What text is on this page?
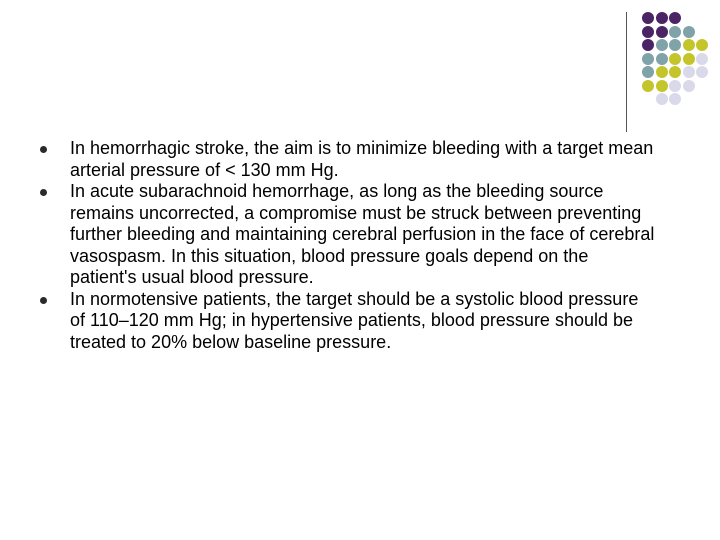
In hemorrhagic stroke, the aim is to minimize bleeding with a target mean arterial pressure of < 130 mm Hg.
In acute subarachnoid hemorrhage, as long as the bleeding source remains uncorrected, a compromise must be struck between preventing further bleeding and maintaining cerebral perfusion in the face of cerebral vasospasm. In this situation, blood pressure goals depend on the patient's usual blood pressure.
In normotensive patients, the target should be a systolic blood pressure of 110–120 mm Hg; in hypertensive patients, blood pressure should be treated to 20% below baseline pressure.
